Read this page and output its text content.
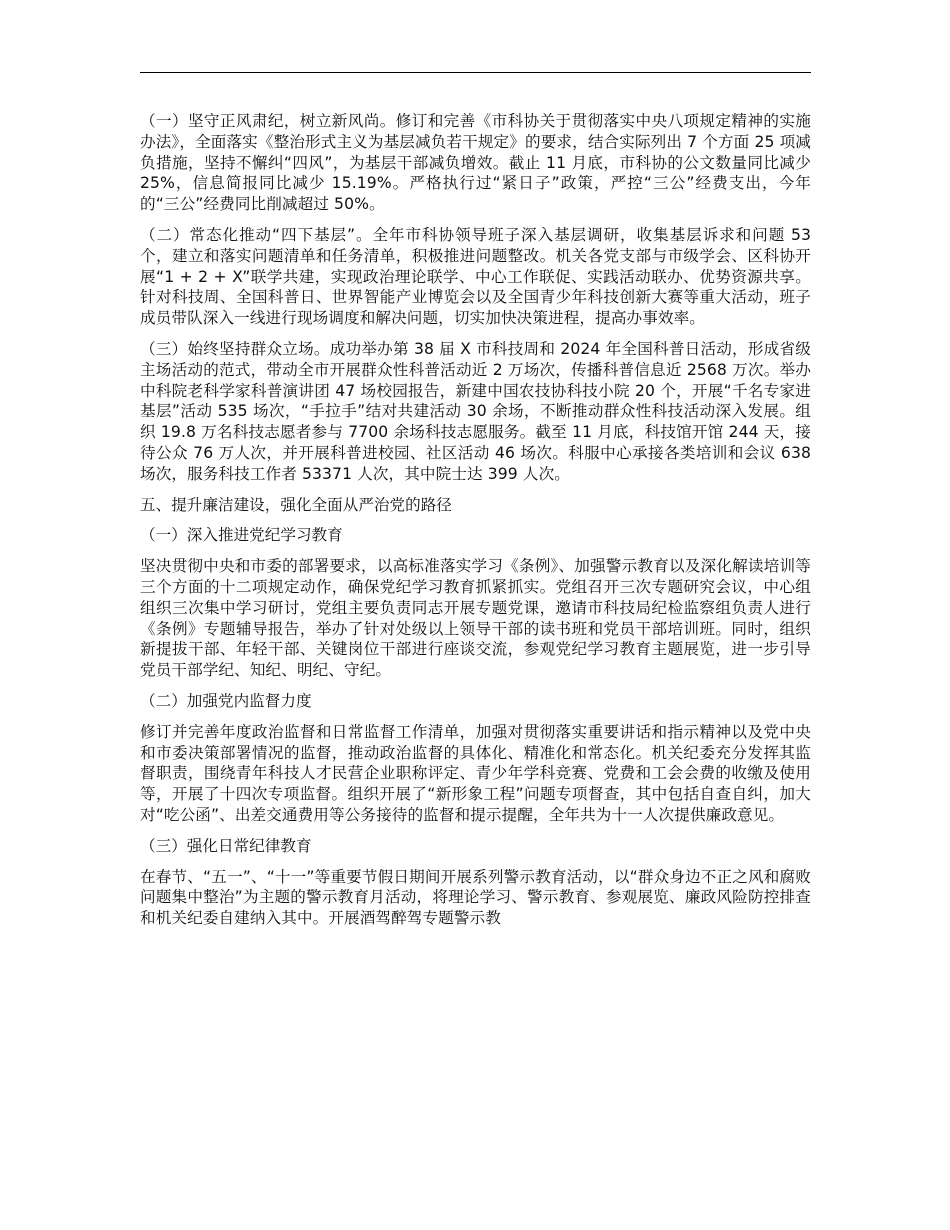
（一）坚守正风肃纪，树立新风尚。修订和完善《市科协关于贯彻落实中央八项规定精神的实施办法》，全面落实《整治形式主义为基层减负若干规定》的要求，结合实际列出 7 个方面 25 项减负措施，坚持不懈纠“四风”，为基层干部减负增效。截止 11 月底，市科协的公文数量同比减少 25%，信息简报同比减少 15.19%。严格执行过“紧日子”政策，严控“三公”经费支出，今年的“三公”经费同比削减超过 50%。

（二）常态化推动“四下基层”。全年市科协领导班子深入基层调研，收集基层诉求和问题 53 个，建立和落实问题清单和任务清单，积极推进问题整改。机关各党支部与市级学会、区科协开展“1 + 2 + X”联学共建，实现政治理论联学、中心工作联促、实践活动联办、优势资源共享。针对科技周、全国科普日、世界智能产业博览会以及全国青少年科技创新大赛等重大活动，班子成员带队深入一线进行现场调度和解决问题，切实加快决策进程，提高办事效率。

（三）始终坚持群众立场。成功举办第 38 届 X 市科技周和 2024 年全国科普日活动，形成省级主场活动的范式，带动全市开展群众性科普活动近 2 万场次，传播科普信息近 2568 万次。举办中科院老科学家科普演讲团 47 场校园报告，新建中国农技协科技小院 20 个，开展“千名专家进基层”活动 535 场次，“手拉手”结对共建活动 30 余场，不断推动群众性科技活动深入发展。组织 19.8 万名科技志愿者参与 7700 余场科技志愿服务。截至 11 月底，科技馆开馆 244 天，接待公众 76 万人次，并开展科普进校园、社区活动 46 场次。科服中心承接各类培训和会议 638 场次，服务科技工作者 53371 人次，其中院士达 399 人次。

五、提升廉洁建设，强化全面从严治党的路径

（一）深入推进党纪学习教育

坚决贯彻中央和市委的部署要求，以高标准落实学习《条例》、加强警示教育以及深化解读培训等三个方面的十二项规定动作，确保党纪学习教育抓紧抓实。党组召开三次专题研究会议，中心组组织三次集中学习研讨，党组主要负责同志开展专题党课，邀请市科技局纪检监察组负责人进行《条例》专题辅导报告，举办了针对处级以上领导干部的读书班和党员干部培训班。同时，组织新提拔干部、年轻干部、关键岗位干部进行座谈交流，参观党纪学习教育主题展览，进一步引导党员干部学纪、知纪、明纪、守纪。

（二）加强党内监督力度

修订并完善年度政治监督和日常监督工作清单，加强对贯彻落实重要讲话和指示精神以及党中央和市委决策部署情况的监督，推动政治监督的具体化、精准化和常态化。机关纪委充分发挥其监督职责，围绕青年科技人才民营企业职称评定、青少年学科竞赛、党费和工会会费的收缴及使用等，开展了十四次专项监督。组织开展了“新形象工程”问题专项督查，其中包括自查自纠，加大对“吃公函”、出差交通费用等公务接待的监督和提示提醒，全年共为十一人次提供廉政意见。

（三）强化日常纪律教育

在春节、“五一”、“十一”等重要节假日期间开展系列警示教育活动，以“群众身边不正之风和腐败问题集中整治”为主题的警示教育月活动，将理论学习、警示教育、参观展览、廉政风险防控排查和机关纪委自建纳入其中。开展酒驾醉驾专题警示教
